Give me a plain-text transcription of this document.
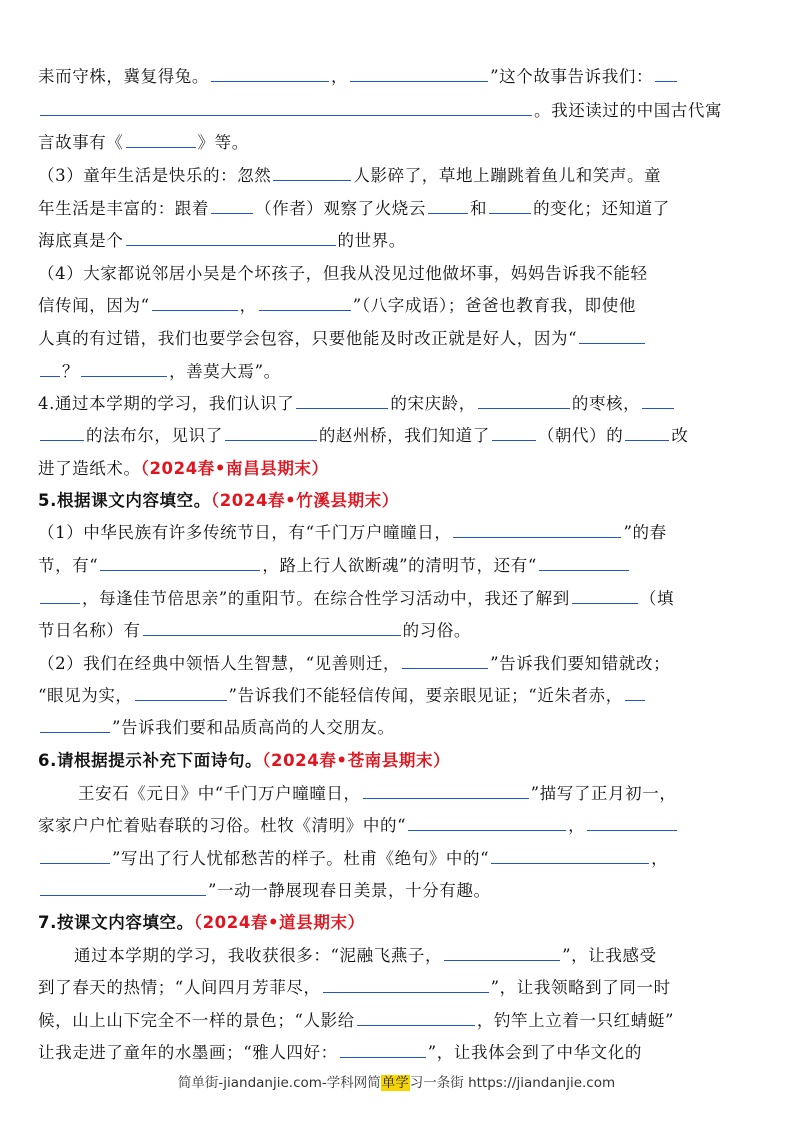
耒而守株，冀复得兔。	，	”这个故事告诉我们：
。我还读过的中国古代寓
言故事有《	》等。
（3）童年生活是快乐的：忽然	人影碎了，草地上蹦跳着鱼儿和笑声。童
年生活是丰富的：跟着	（作者）观察了火烧云	和	的变化；还知道了
海底真是个	的世界。
（4）大家都说邻居小吴是个坏孩子，但我从没见过他做坏事，妈妈告诉我不能轻
信传闻，因为“	，	”（八字成语）；爸爸也教育我，即使他
人真的有过错，我们也要学会包容，只要他能及时改正就是好人，因为“
？	，善莫大焉”。
4.通过本学期的学习，我们认识了	的宋庆龄，	的枣核，
的法布尔，见识了	的赵州桥，我们知道了	（朝代）的	改
进了造纸术。（2024春•南昌县期末）
5.根据课文内容填空。（2024春•竹溪县期末）
（1）中华民族有许多传统节日，有“千门万户曈曈日，	”的春
节，有“	，路上行人欲断魂”的清明节，还有“
，每逢佳节倍思亲”的重阳节。在综合性学习活动中，我还了解到	（填
节日名称）有	的习俗。
（2）我们在经典中领悟人生智慧，“见善则迁，	”告诉我们要知错就改；
“眼见为实，	”告诉我们不能轻信传闻，要亲眼见证；“近朱者赤，
”告诉我们要和品质高尚的人交朋友。
6.请根据提示补充下面诗句。（2024春•苍南县期末）
王安石《元日》中“千门万户曈曈日，	”描写了正月初一，
家家户户忙着贴春联的习俗。杜牧《清明》中的“	，
”写出了行人忧郁愁苦的样子。杜甫《绝句》中的“	，
”一动一静展现春日美景，十分有趣。
7.按课文内容填空。（2024春•道县期末）
通过本学期的学习，我收获很多：“泥融飞燕子，	”，让我感受
到了春天的热情；“人间四月芳菲尽，	”，让我领略到了同一时
候，山上山下完全不一样的景色；“人影给	，钓竿上立着一只红蜻蜓”
让我走进了童年的水墨画；“雅人四好：	”，让我体会到了中华文化的
简单街-jiandanjie.com-学科网简单学习一条街 https://jiandanjie.com
